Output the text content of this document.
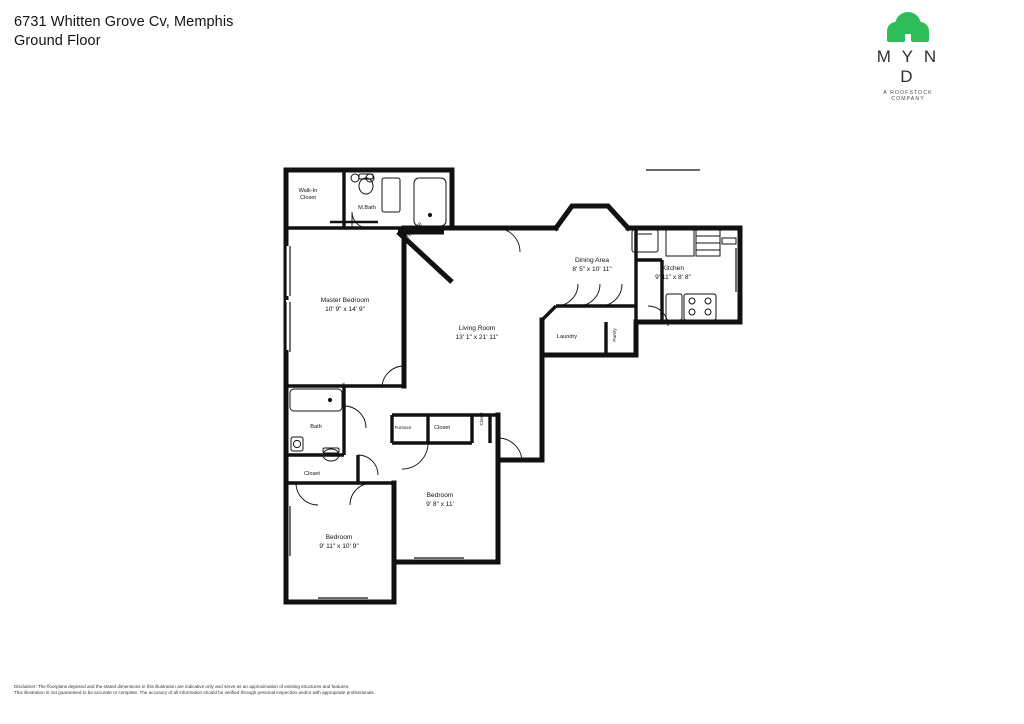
6731 Whitten Grove Cv, Memphis
Ground Floor
M Y N D
A ROOFSTOCK COMPANY
Walk-In
Closet
M.Bath
Master Bedroom
10' 9" x 14' 9"
Fireplace
Dining Area
8' 5" x 10' 11"	Kitchen
9' 11" x 8' 8"
Living Room
13' 1" x 21' 11"	Laundry	Pantry
Bath
Closet
Closet
Furnace	Closet
Closet
Bedroom
9' 8" x 11'
Bedroom
9' 11" x 10' 9"
Disclaimer: The floorplans depicted and the stated dimensions in this illustration are indicative only and serve as an approximation of existing structures and features.
This illustration is not guaranteed to be accurate or complete. The accuracy of all information should be verified through personal inspection and/or with appropriate professionals.
